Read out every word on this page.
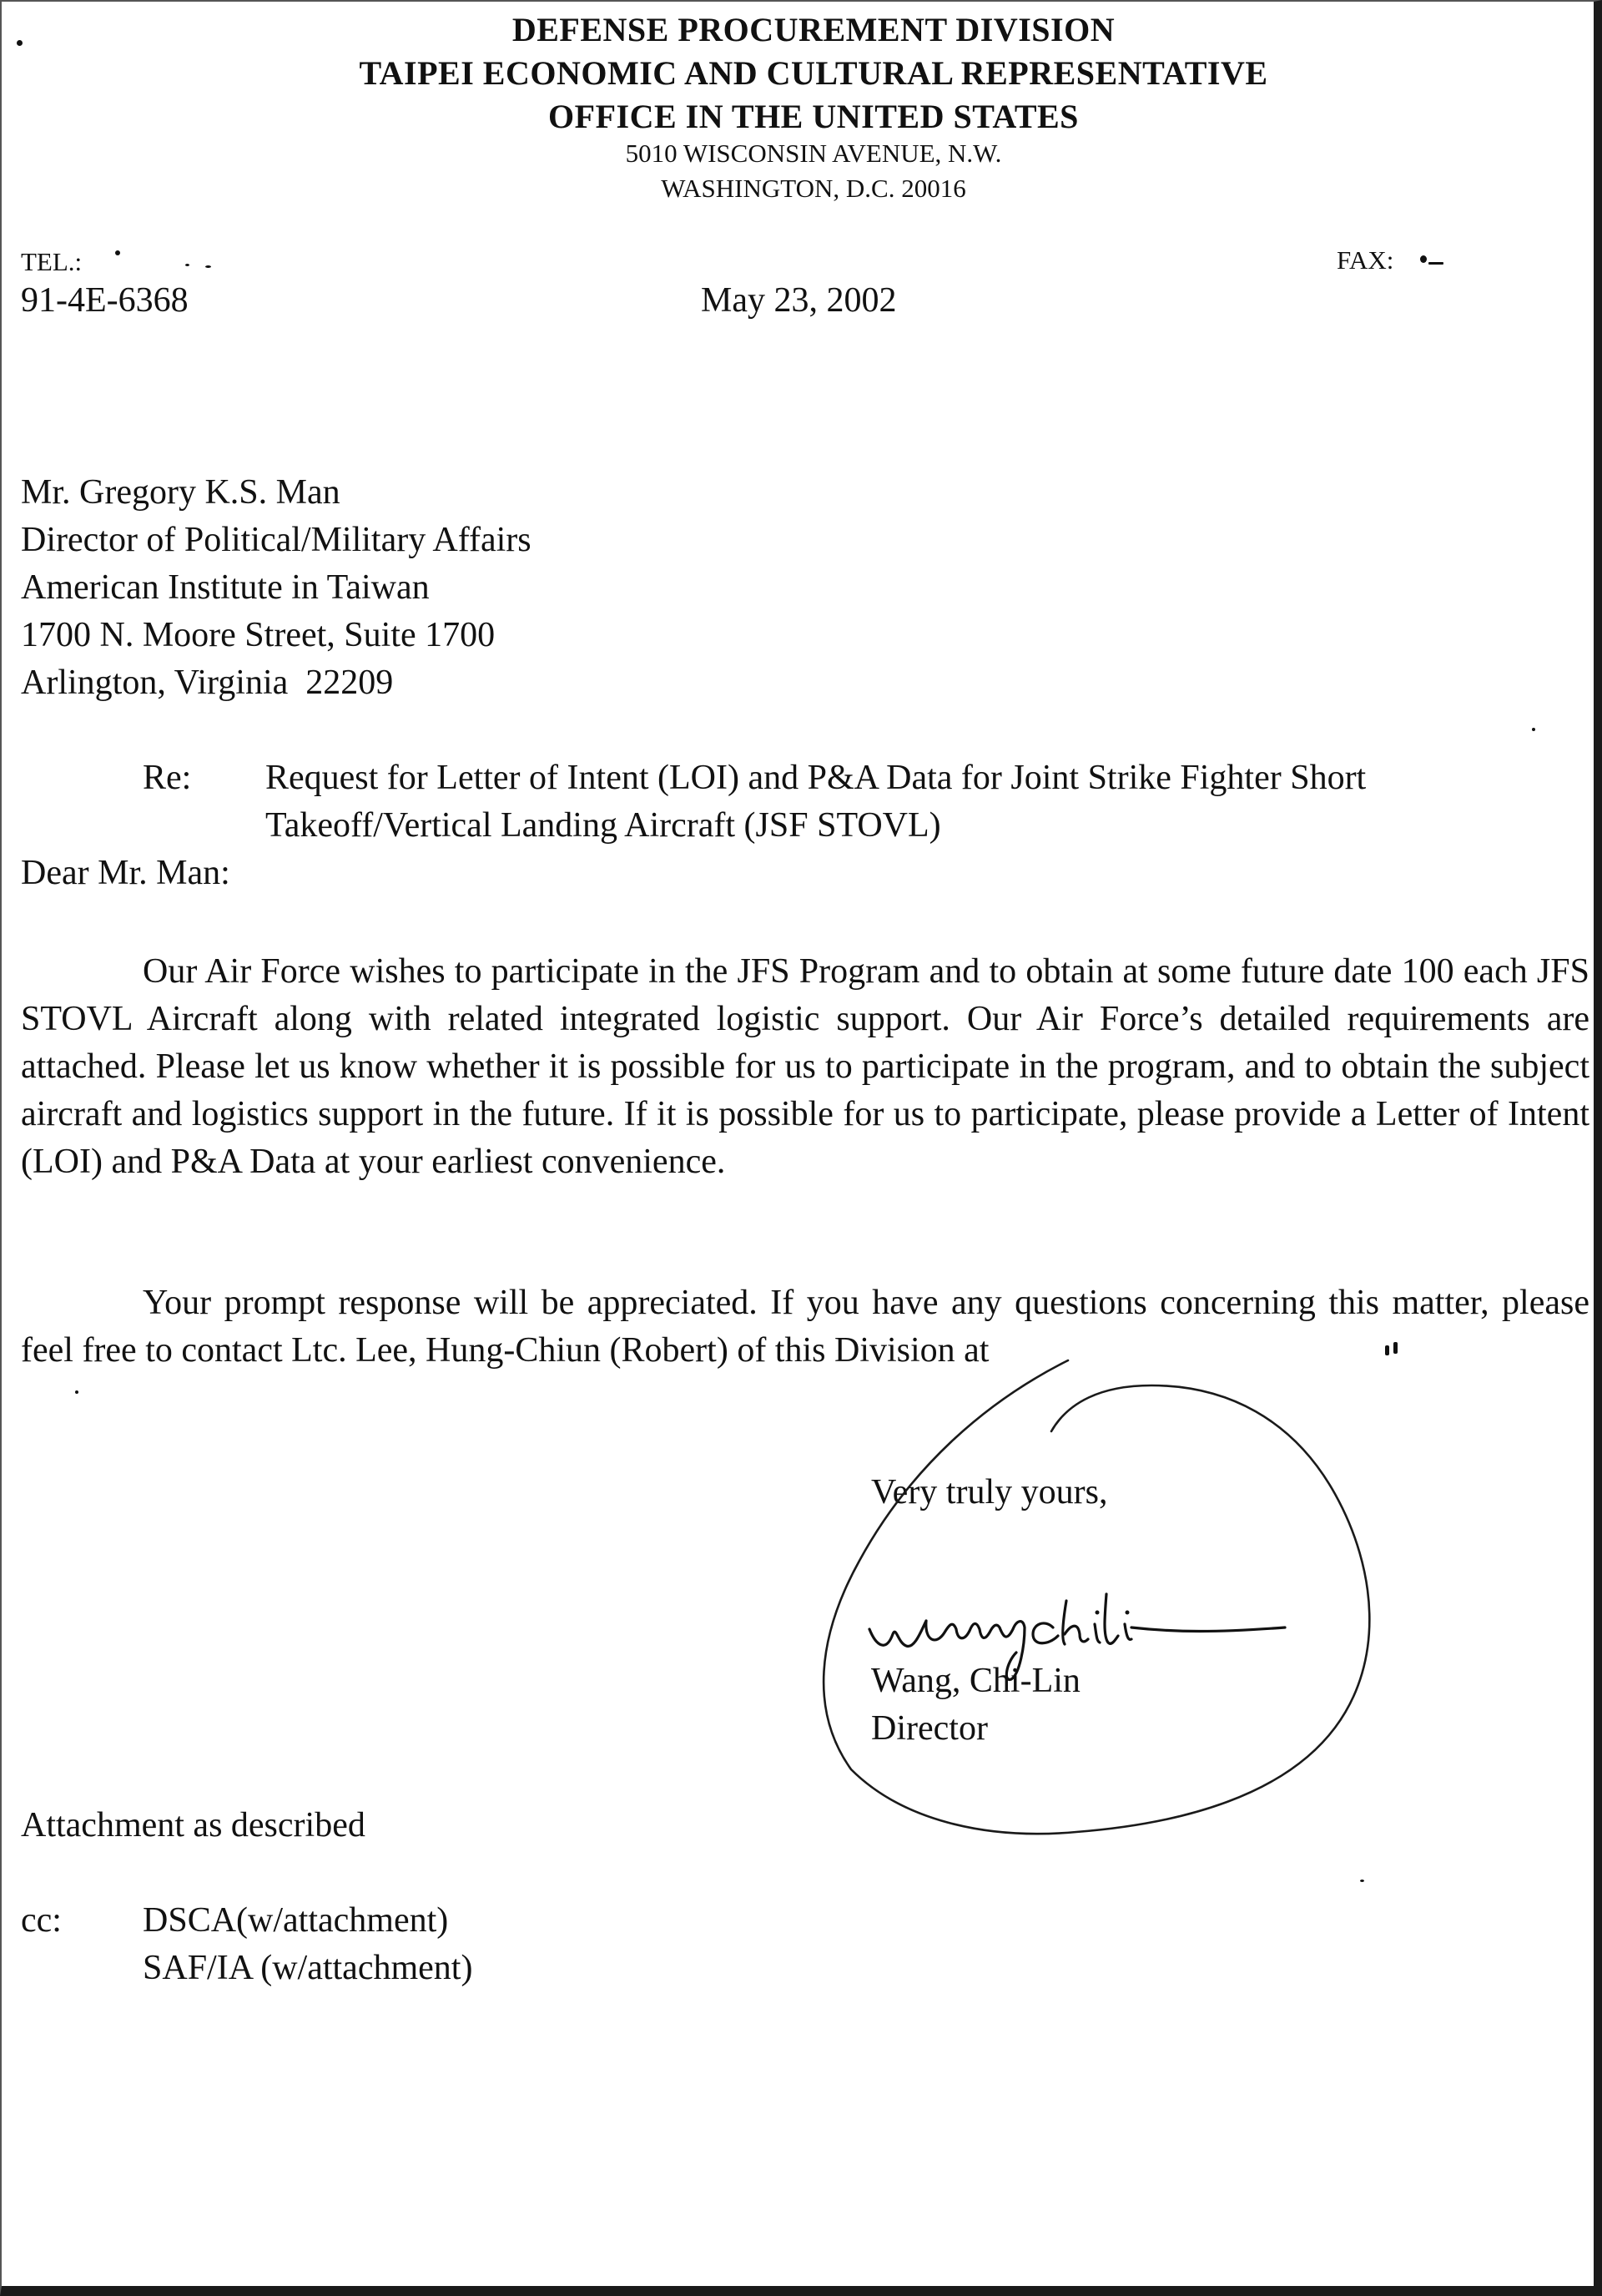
DEFENSE PROCUREMENT DIVISION
TAIPEI ECONOMIC AND CULTURAL REPRESENTATIVE
OFFICE IN THE UNITED STATES
5010 WISCONSIN AVENUE, N.W.
WASHINGTON, D.C. 20016
TEL.:	FAX:
91-4E-6368	May 23, 2002
Mr. Gregory K.S. Man
Director of Political/Military Affairs
American Institute in Taiwan
1700 N. Moore Street, Suite 1700
Arlington, Virginia  22209
Re: Request for Letter of Intent (LOI) and P&A Data for Joint Strike Fighter Short
Takeoff/Vertical Landing Aircraft (JSF STOVL)
Dear Mr. Man:
Our Air Force wishes to participate in the JFS Program and to obtain at some future date 100 each JFS STOVL Aircraft along with related integrated logistic support. Our Air Force’s detailed requirements are attached. Please let us know whether it is possible for us to participate in the program, and to obtain the subject aircraft and logistics support in the future. If it is possible for us to participate, please provide a Letter of Intent (LOI) and P&A Data at your earliest convenience.
Your prompt response will be appreciated. If you have any questions concerning this matter, please feel free to contact Ltc. Lee, Hung-Chiun (Robert) of this Division at
Very truly yours,
Wang, Chi-Lin
Director
Attachment as described
cc: DSCA(w/attachment)
SAF/IA (w/attachment)
